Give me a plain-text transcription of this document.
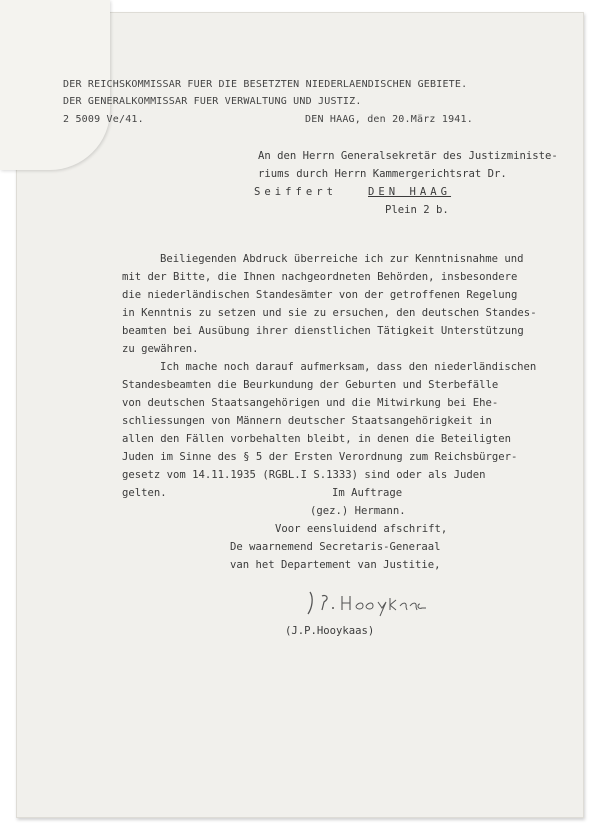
DER REICHSKOMMISSAR FUER DIE BESETZTEN NIEDERLAENDISCHEN GEBIETE.
DER GENERALKOMMISSAR FUER VERWALTUNG UND JUSTIZ.
2 5009 Ve/41.	DEN HAAG, den 20.März 1941.
An den Herrn Generalsekretär des Justizministe-
riums durch Herrn Kammergerichtsrat Dr.
Seiffert	DEN HAAG
Plein 2 b.
Beiliegenden Abdruck überreiche ich zur Kenntnisnahme und
mit der Bitte, die Ihnen nachgeordneten Behörden, insbesondere
die niederländischen Standesämter von der getroffenen Regelung
in Kenntnis zu setzen und sie zu ersuchen, den deutschen Standes-
beamten bei Ausübung ihrer dienstlichen Tätigkeit Unterstützung
zu gewähren.
Ich mache noch darauf aufmerksam, dass den niederländischen
Standesbeamten die Beurkundung der Geburten und Sterbefälle
von deutschen Staatsangehörigen und die Mitwirkung bei Ehe-
schliessungen von Männern deutscher Staatsangehörigkeit in
allen den Fällen vorbehalten bleibt, in denen die Beteiligten
Juden im Sinne des § 5 der Ersten Verordnung zum Reichsbürger-
gesetz vom 14.11.1935 (RGBL.I S.1333) sind oder als Juden
gelten.	Im Auftrage
(gez.) Hermann.
Voor eensluidend afschrift,
De waarnemend Secretaris-Generaal
van het Departement van Justitie,
(J.P.Hooykaas)
